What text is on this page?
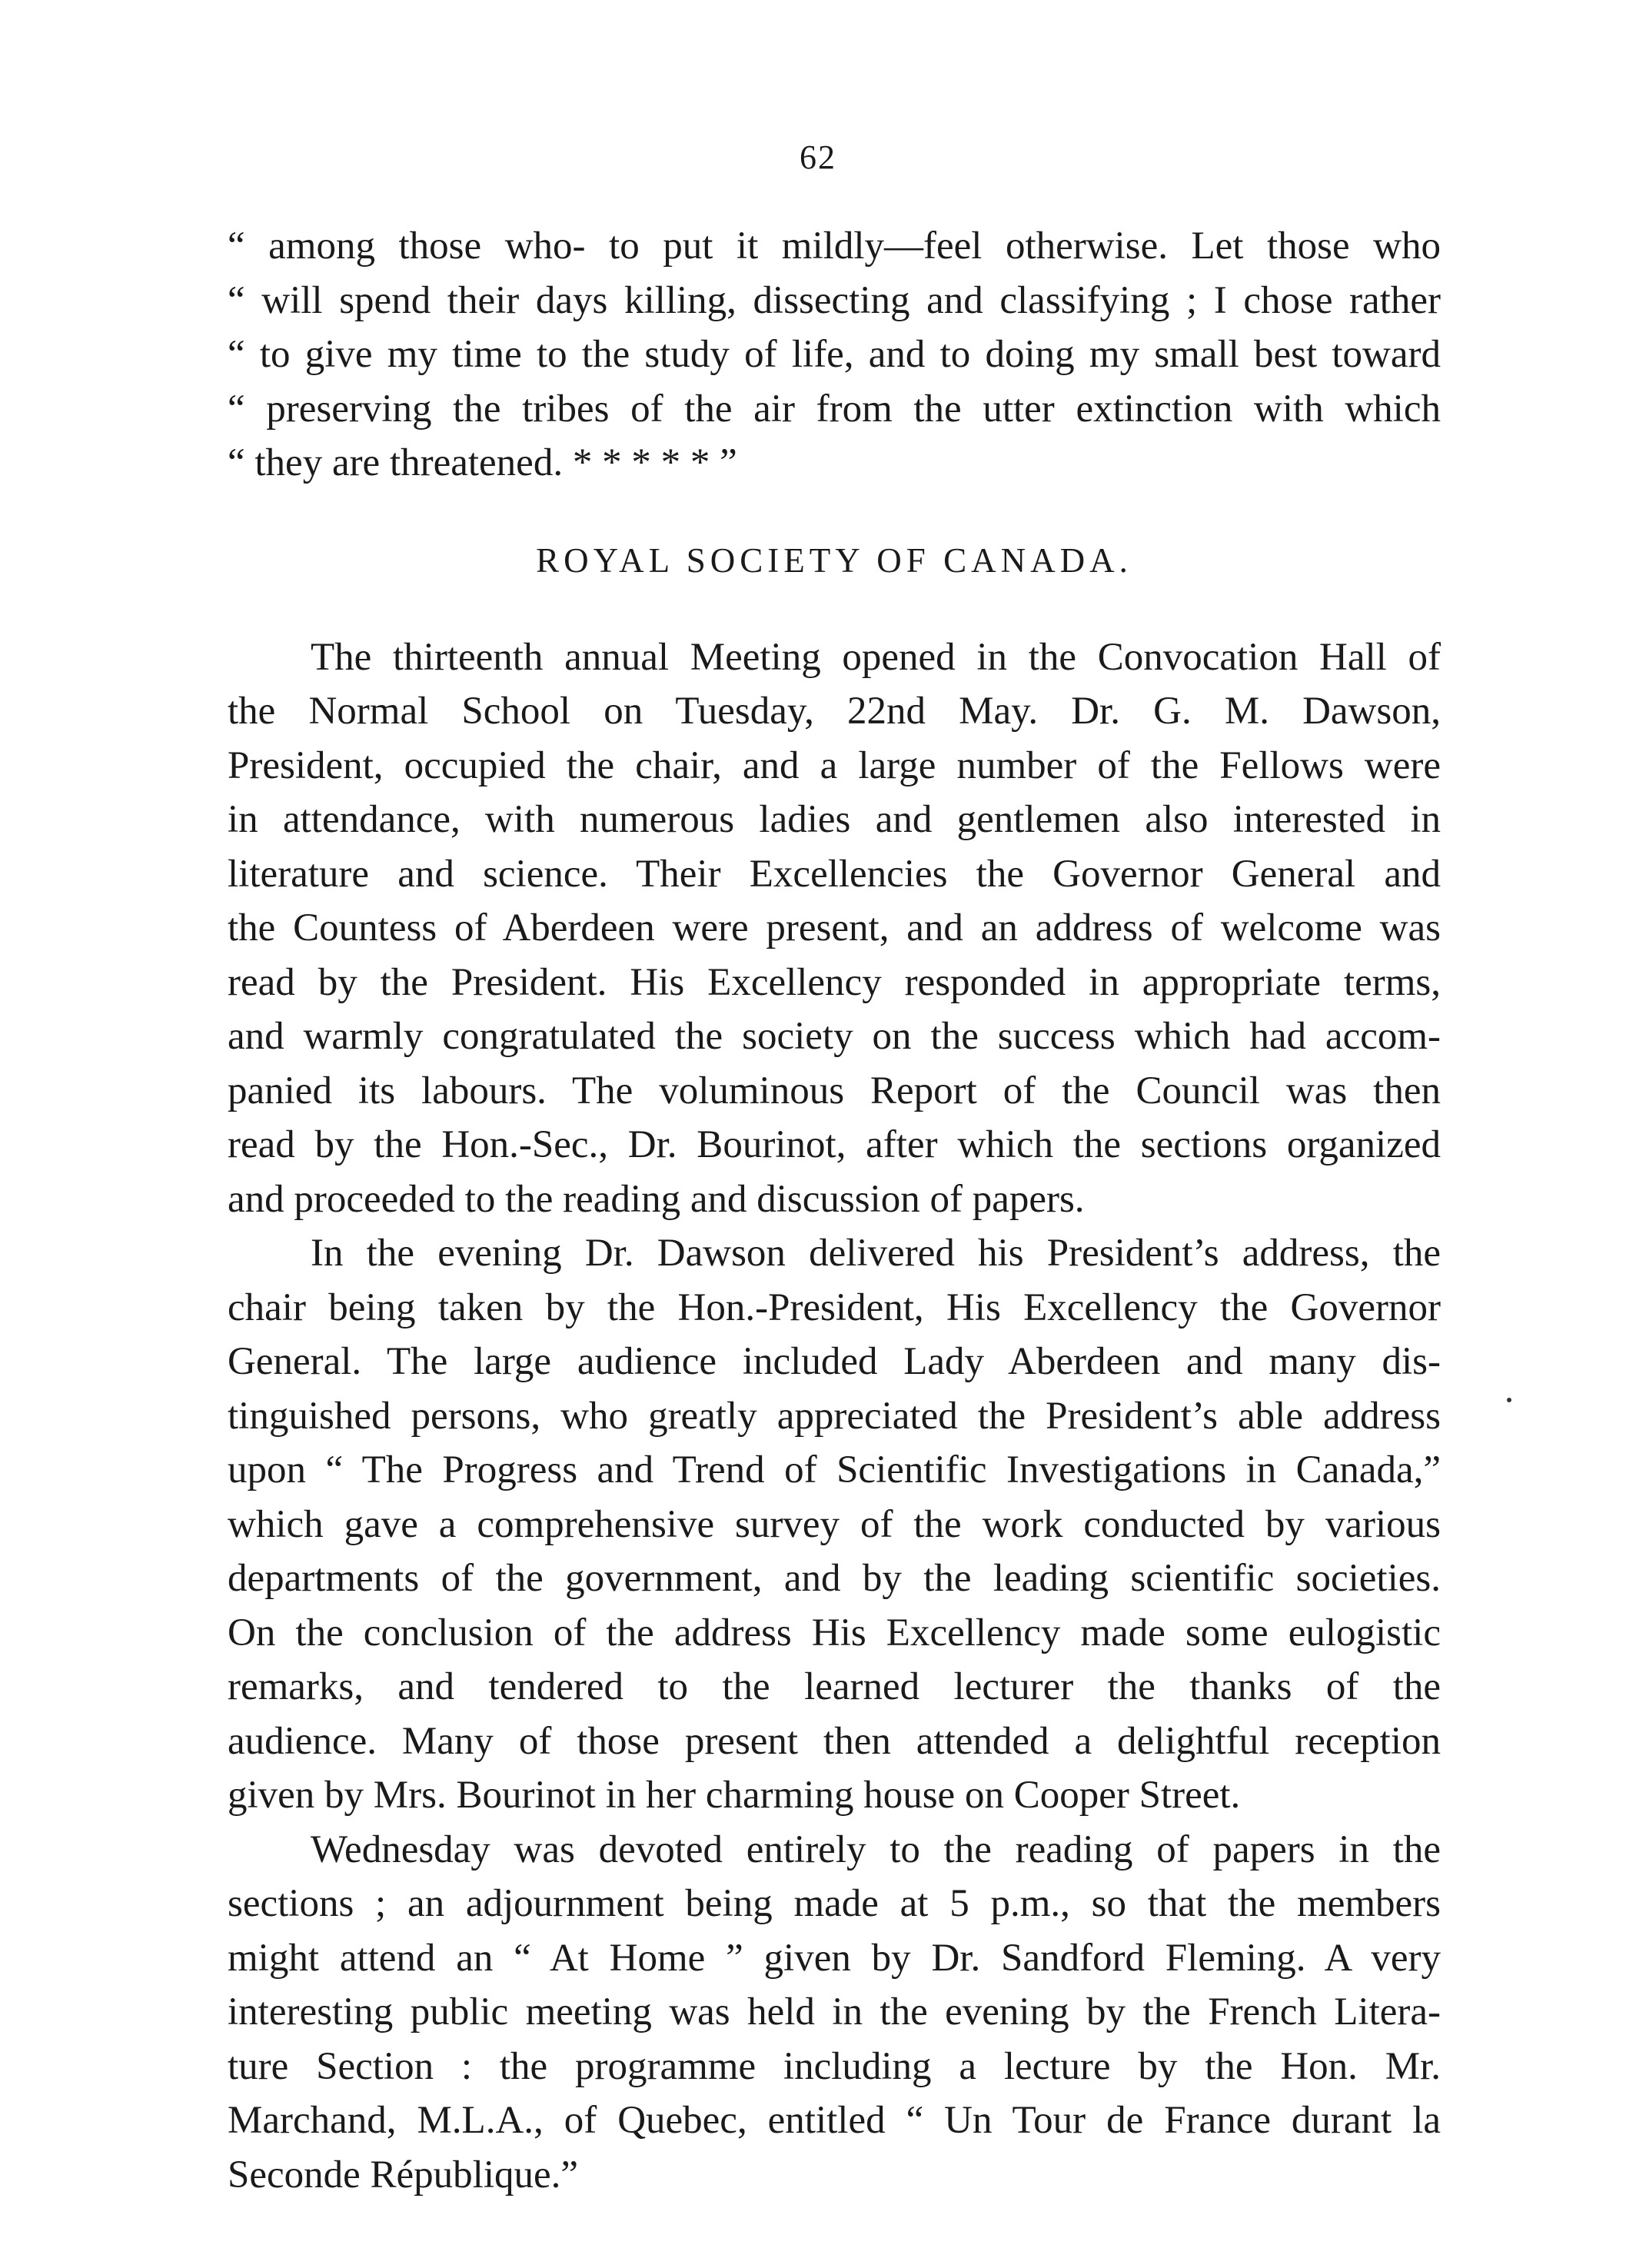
62
“ among those who- to put it mildly—feel otherwise. Let those who
“ will spend their days killing, dissecting and classifying ; I chose rather
“ to give my time to the study of life, and to doing my small best toward
“ preserving the tribes of the air from the utter extinction with which
“ they are threatened. * * * * * ”
ROYAL SOCIETY OF CANADA.
The thirteenth annual Meeting opened in the Convocation Hall of
the Normal School on Tuesday, 22nd May. Dr. G. M. Dawson,
President, occupied the chair, and a large number of the Fellows were
in attendance, with numerous ladies and gentlemen also interested in
literature and science. Their Excellencies the Governor General and
the Countess of Aberdeen were present, and an address of welcome was
read by the President. His Excellency responded in appropriate terms,
and warmly congratulated the society on the success which had accom-
panied its labours. The voluminous Report of the Council was then
read by the Hon.-Sec., Dr. Bourinot, after which the sections organized
and proceeded to the reading and discussion of papers.
In the evening Dr. Dawson delivered his President’s address, the
chair being taken by the Hon.-President, His Excellency the Governor
General. The large audience included Lady Aberdeen and many dis-
tinguished persons, who greatly appreciated the President’s able address
upon “ The Progress and Trend of Scientific Investigations in Canada,”
which gave a comprehensive survey of the work conducted by various
departments of the government, and by the leading scientific societies.
On the conclusion of the address His Excellency made some eulogistic
remarks, and tendered to the learned lecturer the thanks of the
audience. Many of those present then attended a delightful reception
given by Mrs. Bourinot in her charming house on Cooper Street.
Wednesday was devoted entirely to the reading of papers in the
sections ; an adjournment being made at 5 p.m., so that the members
might attend an “ At Home ” given by Dr. Sandford Fleming. A very
interesting public meeting was held in the evening by the French Litera-
ture Section : the programme including a lecture by the Hon. Mr.
Marchand, M.L.A., of Quebec, entitled “ Un Tour de France durant la
Seconde République.”
